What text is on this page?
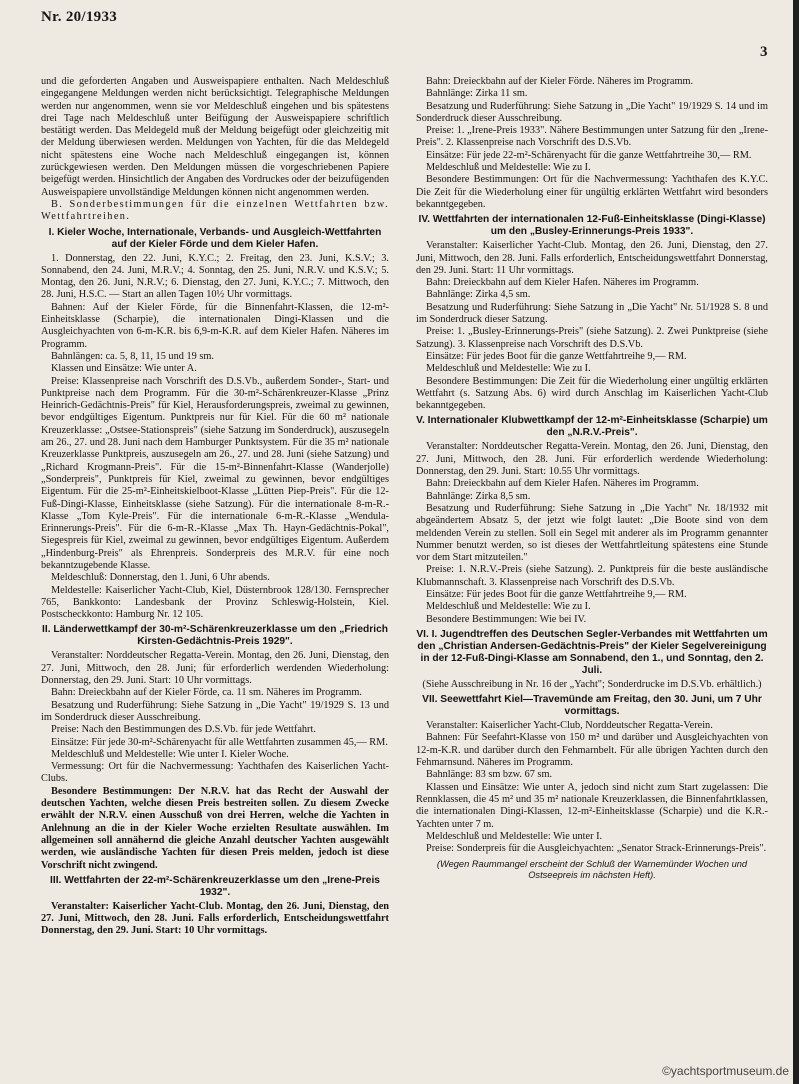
Nr. 20/1933
3

und die geforderten Angaben und Ausweispapiere enthalten. Nach Meldeschluß eingegangene Meldungen werden nicht berücksichtigt. Telegraphische Meldungen werden nur angenommen, wenn sie vor Meldeschluß eingehen und bis spätestens drei Tage nach Meldeschluß unter Beifügung der Ausweispapiere schriftlich bestätigt werden. Das Meldegeld muß der Meldung beigefügt oder gleichzeitig mit der Meldung überwiesen werden. Meldungen von Yachten, für die das Meldegeld nicht spätestens eine Woche nach Meldeschluß eingegangen ist, können zurückgewiesen werden. Den Meldungen müssen die vorgeschriebenen Papiere beigefügt werden. Hinsichtlich der Angaben des Vordruckes oder der beizufügenden Ausweispapiere unvollständige Meldungen können nicht angenommen werden.

B. Sonderbestimmungen für die einzelnen Wettfahrten bzw. Wettfahrtreihen.

I. Kieler Woche, Internationale, Verbands- und Ausgleich-Wettfahrten auf der Kieler Förde und dem Kieler Hafen.

1. Donnerstag, den 22. Juni, K.Y.C.; 2. Freitag, den 23. Juni, K.S.V.; 3. Sonnabend, den 24. Juni, M.R.V.; 4. Sonntag, den 25. Juni, N.R.V. und K.S.V.; 5. Montag, den 26. Juni, N.R.V.; 6. Dienstag, den 27. Juni, K.Y.C.; 7. Mittwoch, den 28. Juni, H.S.C. — Start an allen Tagen 10½ Uhr vormittags.

Bahnen: Auf der Kieler Förde, für die Binnenfahrt-Klassen, die 12-m²-Einheitsklasse (Scharpie), die internationalen Dingi-Klassen und die Ausgleichyachten von 6-m-K.R. bis 6,9-m-K.R. auf dem Kieler Hafen. Näheres im Programm.

Bahnlängen: ca. 5, 8, 11, 15 und 19 sm.

Klassen und Einsätze: Wie unter A.

Preise: Klassenpreise nach Vorschrift des D.S.Vb., außerdem Sonder-, Start- und Punktpreise nach dem Programm. Für die 30-m²-Schärenkreuzer-Klasse „Prinz Heinrich-Gedächtnis-Preis" für Kiel, Herausforderungspreis, zweimal zu gewinnen, bevor endgültiges Eigentum. Punktpreis nur für Kiel. Für die 60 m² nationale Kreuzerklasse: „Ostsee-Stationspreis" (siehe Satzung im Sonderdruck), auszusegeln am 26., 27. und 28. Juni nach dem Hamburger Punktsystem. Für die 35 m² nationale Kreuzerklasse Punktpreis, auszusegeln am 26., 27. und 28. Juni (siehe Satzung) und „Richard Krogmann-Preis". Für die 15-m²-Binnenfahrt-Klasse (Wanderjolle) „Sonderpreis", Punktpreis für Kiel, zweimal zu gewinnen, bevor endgültiges Eigentum. Für die 25-m²-Einheitskielboot-Klasse „Lütten Piep-Preis". Für die 12-Fuß-Dingi-Klasse, Einheitsklasse (siehe Satzung). Für die internationale 8-m-R.-Klasse „Tom Kyle-Preis". Für die internationale 6-m-R.-Klasse „Wendula-Erinnerungs-Preis". Für die 6-m-R.-Klasse „Max Th. Hayn-Gedächtnis-Pokal", Siegespreis für Kiel, zweimal zu gewinnen, bevor endgültiges Eigentum. Außerdem „Hindenburg-Preis" als Ehrenpreis. Sonderpreis des M.R.V. für eine noch bekanntzugebende Klasse.

Meldeschluß: Donnerstag, den 1. Juni, 6 Uhr abends.

Meldestelle: Kaiserlicher Yacht-Club, Kiel, Düsternbrook 128/130. Fernsprecher 765, Bankkonto: Landesbank der Provinz Schleswig-Holstein, Kiel. Postscheckkonto: Hamburg Nr. 12 105.

II. Länderwettkampf der 30-m²-Schärenkreuzerklasse um den „Friedrich Kirsten-Gedächtnis-Preis 1929".

Veranstalter: Norddeutscher Regatta-Verein. Montag, den 26. Juni, Dienstag, den 27. Juni, Mittwoch, den 28. Juni; für erforderlich werdenden Wiederholung: Donnerstag, den 29. Juni. Start: 10 Uhr vormittags.

Bahn: Dreieckbahn auf der Kieler Förde, ca. 11 sm. Näheres im Programm.

Besatzung und Ruderführung: Siehe Satzung in „Die Yacht" 19/1929 S. 13 und im Sonderdruck dieser Ausschreibung.

Preise: Nach den Bestimmungen des D.S.Vb. für jede Wettfahrt.

Einsätze: Für jede 30-m²-Schärenyacht für alle Wettfahrten zusammen 45,— RM.

Meldeschluß und Meldestelle: Wie unter I. Kieler Woche.

Vermessung: Ort für die Nachvermessung: Yachthafen des Kaiserlichen Yacht-Clubs.

Besondere Bestimmungen: Der N.R.V. hat das Recht der Auswahl der deutschen Yachten, welche diesen Preis bestreiten sollen. Zu diesem Zwecke erwählt der N.R.V. einen Ausschuß von drei Herren, welche die Yachten in Anlehnung an die in der Kieler Woche erzielten Resultate auswählen. Im allgemeinen soll annähernd die gleiche Anzahl deutscher Yachten ausgewählt werden, wie ausländische Yachten für diesen Preis melden, jedoch ist diese Vorschrift nicht zwingend.

III. Wettfahrten der 22-m²-Schärenkreuzerklasse um den „Irene-Preis 1932".

Veranstalter: Kaiserlicher Yacht-Club. Montag, den 26. Juni, Dienstag, den 27. Juni, Mittwoch, den 28. Juni. Falls erforderlich, Entscheidungswettfahrt Donnerstag, den 29. Juni. Start: 10 Uhr vormittags.

Bahn: Dreieckbahn auf der Kieler Förde. Näheres im Programm.

Bahnlänge: Zirka 11 sm.

Besatzung und Ruderführung: Siehe Satzung in „Die Yacht" 19/1929 S. 14 und im Sonderdruck dieser Ausschreibung.

Preise: 1. „Irene-Preis 1933". Nähere Bestimmungen unter Satzung für den „Irene-Preis". 2. Klassenpreise nach Vorschrift des D.S.Vb.

Einsätze: Für jede 22-m²-Schärenyacht für die ganze Wettfahrtreihe 30,— RM.

Meldeschluß und Meldestelle: Wie zu I.

Besondere Bestimmungen: Ort für die Nachvermessung: Yachthafen des K.Y.C. Die Zeit für die Wiederholung einer für ungültig erklärten Wettfahrt wird besonders bekanntgegeben.

IV. Wettfahrten der internationalen 12-Fuß-Einheitsklasse (Dingi-Klasse) um den „Busley-Erinnerungs-Preis 1933".

Veranstalter: Kaiserlicher Yacht-Club. Montag, den 26. Juni, Dienstag, den 27. Juni, Mittwoch, den 28. Juni. Falls erforderlich, Entscheidungswettfahrt Donnerstag, den 29. Juni. Start: 11 Uhr vormittags.

Bahn: Dreieckbahn auf dem Kieler Hafen. Näheres im Programm.

Bahnlänge: Zirka 4,5 sm.

Besatzung und Ruderführung: Siehe Satzung in „Die Yacht" Nr. 51/1928 S. 8 und im Sonderdruck dieser Satzung.

Preise: 1. „Busley-Erinnerungs-Preis" (siehe Satzung). 2. Zwei Punktpreise (siehe Satzung). 3. Klassenpreise nach Vorschrift des D.S.Vb.

Einsätze: Für jedes Boot für die ganze Wettfahrtreihe 9,— RM.

Meldeschluß und Meldestelle: Wie zu I.

Besondere Bestimmungen: Die Zeit für die Wiederholung einer ungültig erklärten Wettfahrt (s. Satzung Abs. 6) wird durch Anschlag im Kaiserlichen Yacht-Club bekanntgegeben.

V. Internationaler Klubwettkampf der 12-m²-Einheitsklasse (Scharpie) um den „N.R.V.-Preis".

Veranstalter: Norddeutscher Regatta-Verein. Montag, den 26. Juni, Dienstag, den 27. Juni, Mittwoch, den 28. Juni. Für erforderlich werdende Wiederholung: Donnerstag, den 29. Juni. Start: 10.55 Uhr vormittags.

Bahn: Dreieckbahn auf dem Kieler Hafen. Näheres im Programm.

Bahnlänge: Zirka 8,5 sm.

Besatzung und Ruderführung: Siehe Satzung in „Die Yacht" Nr. 18/1932 mit abgeändertem Absatz 5, der jetzt wie folgt lautet: „Die Boote sind von dem meldenden Verein zu stellen. Soll ein Segel mit anderer als im Programm genannter Nummer benutzt werden, so ist dieses der Wettfahrtleitung spätestens eine Stunde vor dem Start mitzuteilen."

Preise: 1. N.R.V.-Preis (siehe Satzung). 2. Punktpreis für die beste ausländische Klubmannschaft. 3. Klassenpreise nach Vorschrift des D.S.Vb.

Einsätze: Für jedes Boot für die ganze Wettfahrtreihe 9,— RM.

Meldeschluß und Meldestelle: Wie zu I.

Besondere Bestimmungen: Wie bei IV.

VI. I. Jugendtreffen des Deutschen Segler-Verbandes mit Wettfahrten um den „Christian Andersen-Gedächtnis-Preis" der Kieler Segelvereinigung in der 12-Fuß-Dingi-Klasse am Sonnabend, den 1., und Sonntag, den 2. Juli.

(Siehe Ausschreibung in Nr. 16 der „Yacht"; Sonderdrucke im D.S.Vb. erhältlich.)

VII. Seewettfahrt Kiel—Travemünde am Freitag, den 30. Juni, um 7 Uhr vormittags.

Veranstalter: Kaiserlicher Yacht-Club, Norddeutscher Regatta-Verein.

Bahnen: Für Seefahrt-Klasse von 150 m² und darüber und Ausgleichyachten von 12-m-K.R. und darüber durch den Fehmarnbelt. Für alle übrigen Yachten durch den Fehmarnsund. Näheres im Programm.

Bahnlänge: 83 sm bzw. 67 sm.

Klassen und Einsätze: Wie unter A, jedoch sind nicht zum Start zugelassen: Die Rennklassen, die 45 m² und 35 m² nationale Kreuzerklassen, die Binnenfahrtklassen, die internationalen Dingi-Klassen, 12-m²-Einheitsklasse (Scharpie) und die K.R.-Yachten unter 7 m.

Meldeschluß und Meldestelle: Wie unter I.

Preise: Sonderpreis für die Ausgleichyachten: „Senator Strack-Erinnerungs-Preis".

(Wegen Raummangel erscheint der Schluß der Warnemünder Wochen und Ostseepreis im nächsten Heft).
©yachtsportmuseum.de
